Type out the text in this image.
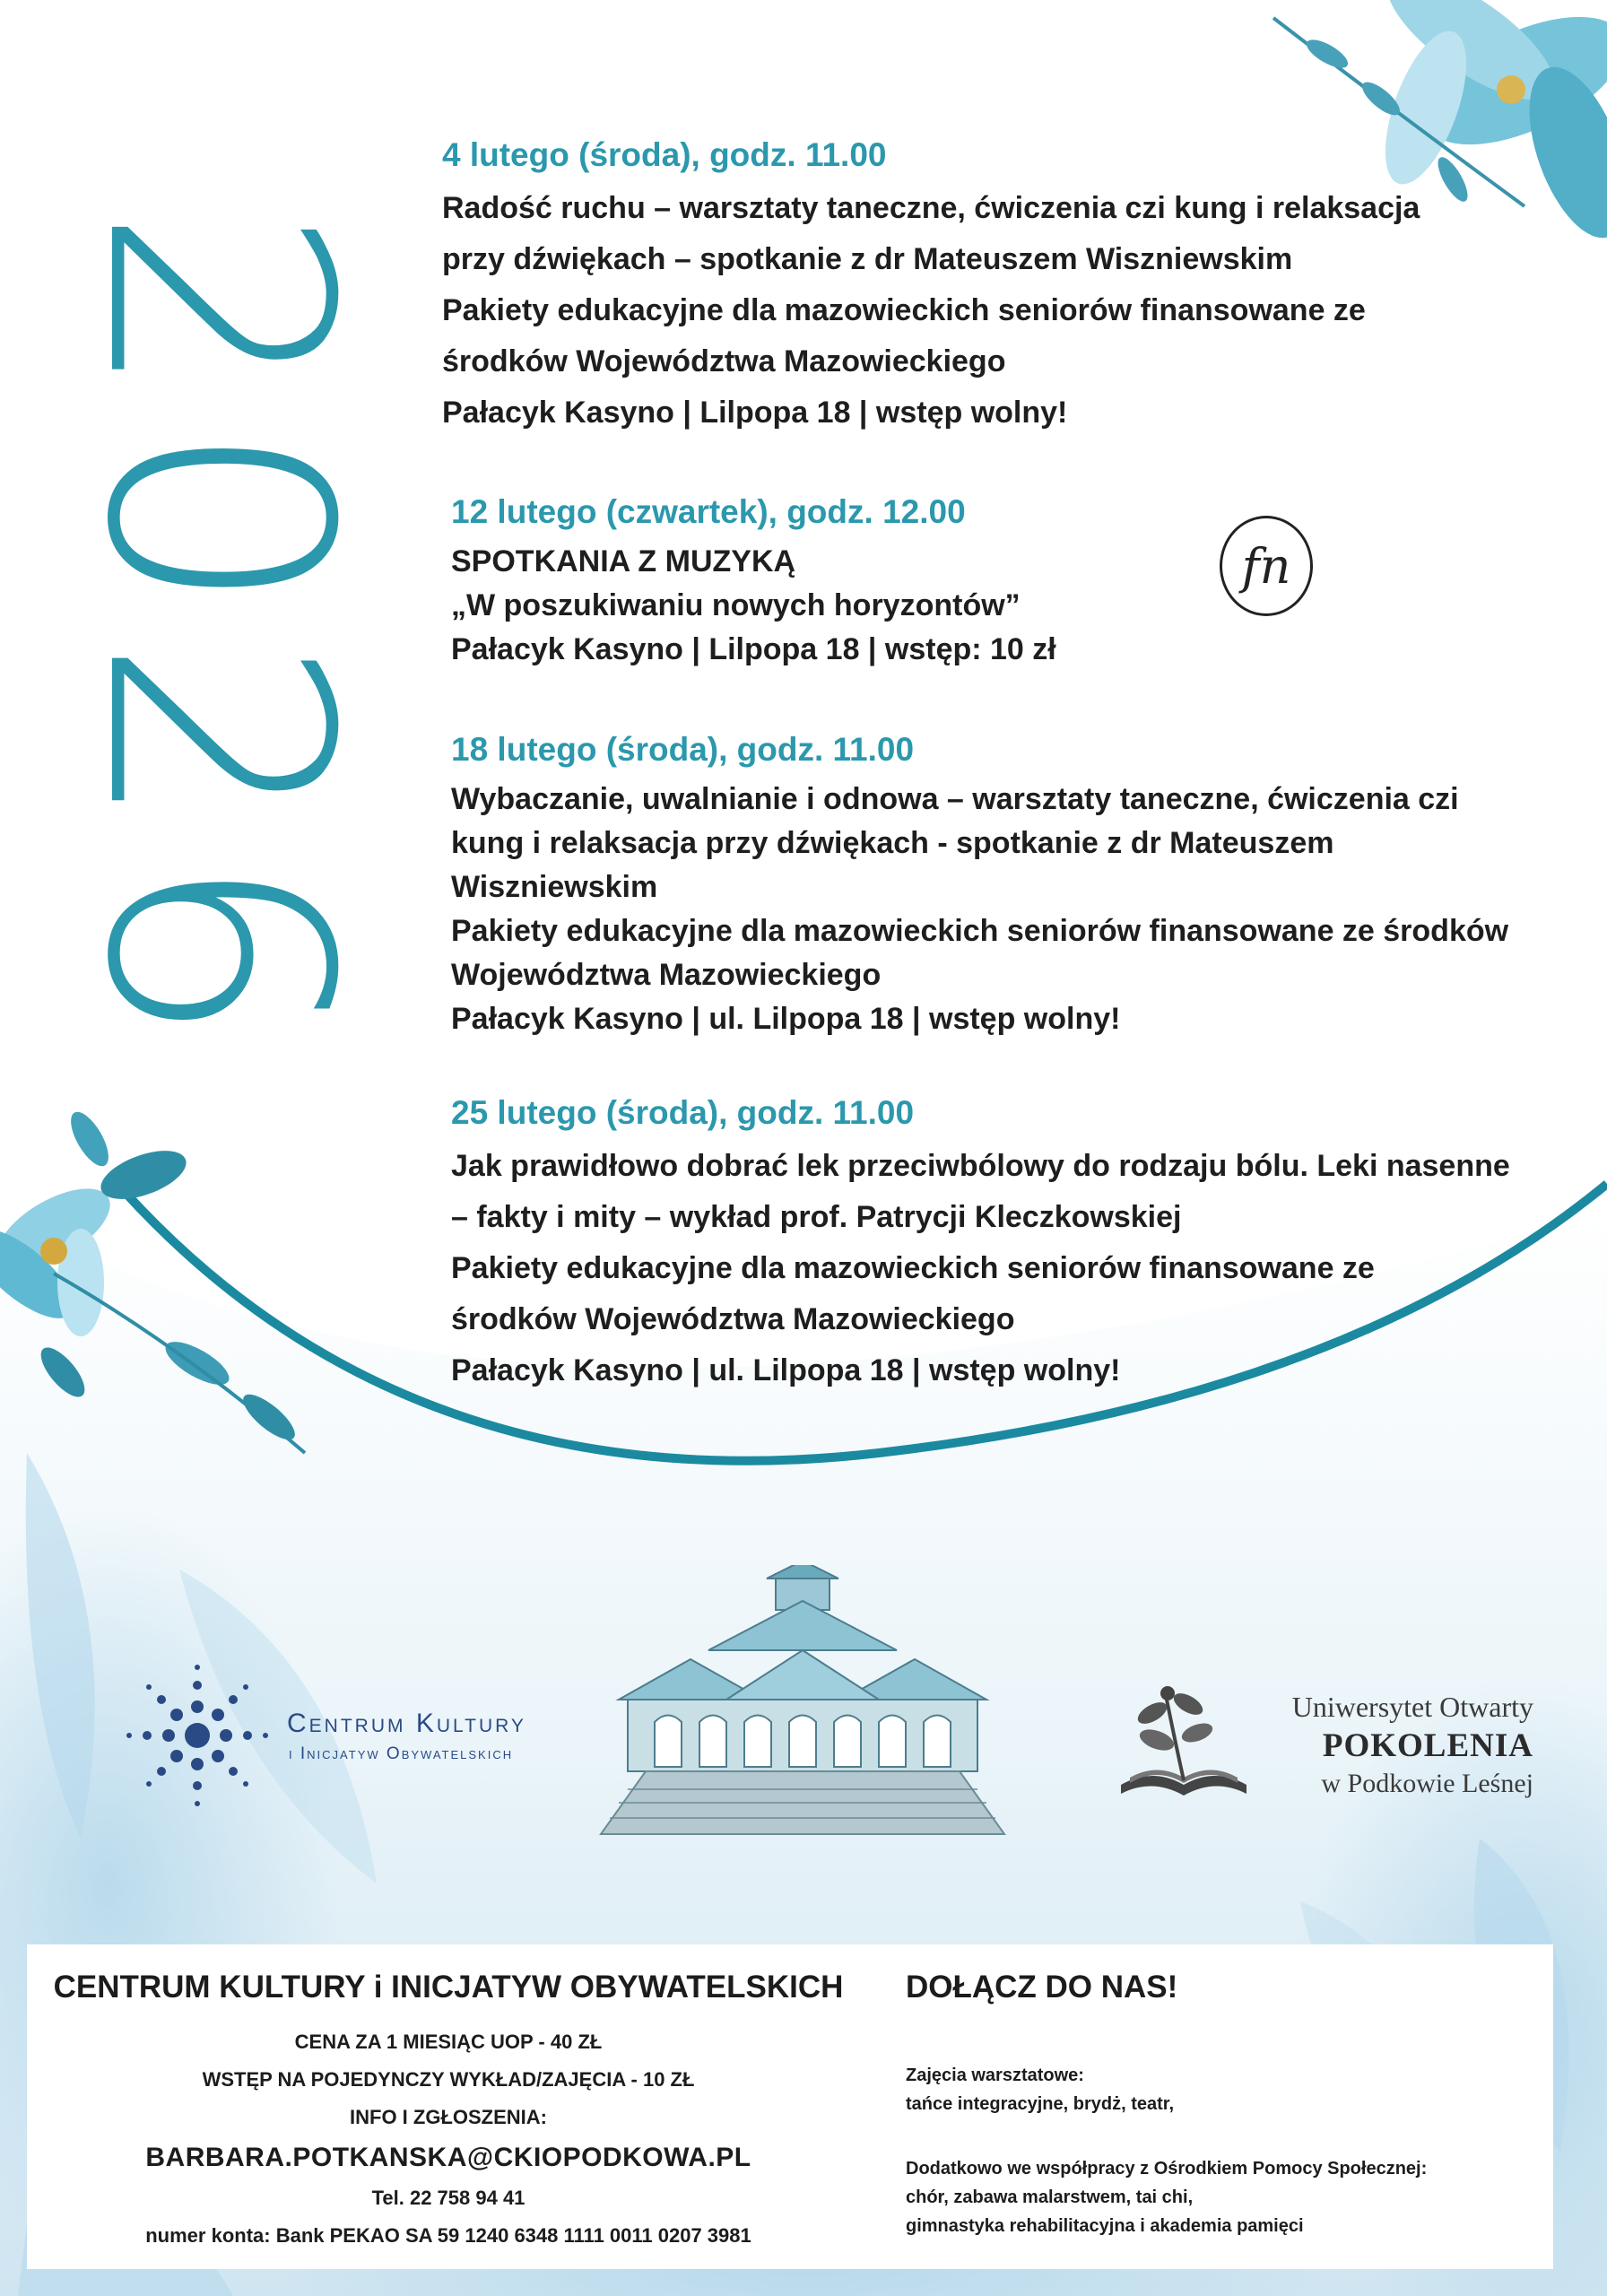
2026
4 lutego (środa), godz. 11.00
Radość ruchu – warsztaty taneczne, ćwiczenia czi kung i relaksacja
przy dźwiękach – spotkanie z dr Mateuszem Wiszniewskim
Pakiety edukacyjne dla mazowieckich seniorów finansowane ze
środków Województwa Mazowieckiego
Pałacyk Kasyno | Lilpopa 18 | wstęp wolny!
12 lutego (czwartek), godz. 12.00
SPOTKANIA Z MUZYKĄ
„W poszukiwaniu nowych horyzontów”
Pałacyk Kasyno | Lilpopa 18 | wstęp: 10 zł
fn
18 lutego (środa), godz. 11.00
Wybaczanie, uwalnianie i odnowa – warsztaty taneczne, ćwiczenia czi
kung i relaksacja przy dźwiękach - spotkanie z dr Mateuszem
Wiszniewskim
Pakiety edukacyjne dla mazowieckich seniorów finansowane ze środków
Województwa Mazowieckiego
Pałacyk Kasyno | ul. Lilpopa 18 | wstęp wolny!
25 lutego (środa), godz. 11.00
Jak prawidłowo dobrać lek przeciwbólowy do rodzaju bólu. Leki nasenne
– fakty i mity – wykład prof. Patrycji Kleczkowskiej
Pakiety edukacyjne dla mazowieckich seniorów finansowane ze
środków Województwa Mazowieckiego
Pałacyk Kasyno | ul. Lilpopa 18 | wstęp wolny!
Centrum Kultury
i Inicjatyw Obywatelskich
Uniwersytet Otwarty
POKOLENIA
w Podkowie Leśnej
CENTRUM KULTURY i INICJATYW OBYWATELSKICH
CENA ZA 1 MIESIĄC UOP - 40 ZŁ
WSTĘP NA POJEDYNCZY WYKŁAD/ZAJĘCIA - 10 ZŁ
INFO I ZGŁOSZENIA:
BARBARA.POTKANSKA@CKIOPODKOWA.PL
Tel. 22 758 94 41
numer konta: Bank PEKAO SA 59 1240 6348 1111 0011 0207 3981
DOŁĄCZ DO NAS!
Zajęcia warsztatowe:
tańce integracyjne, brydż, teatr,
Dodatkowo we współpracy z Ośrodkiem Pomocy Społecznej:
chór, zabawa malarstwem, tai chi,
gimnastyka rehabilitacyjna i akademia pamięci
